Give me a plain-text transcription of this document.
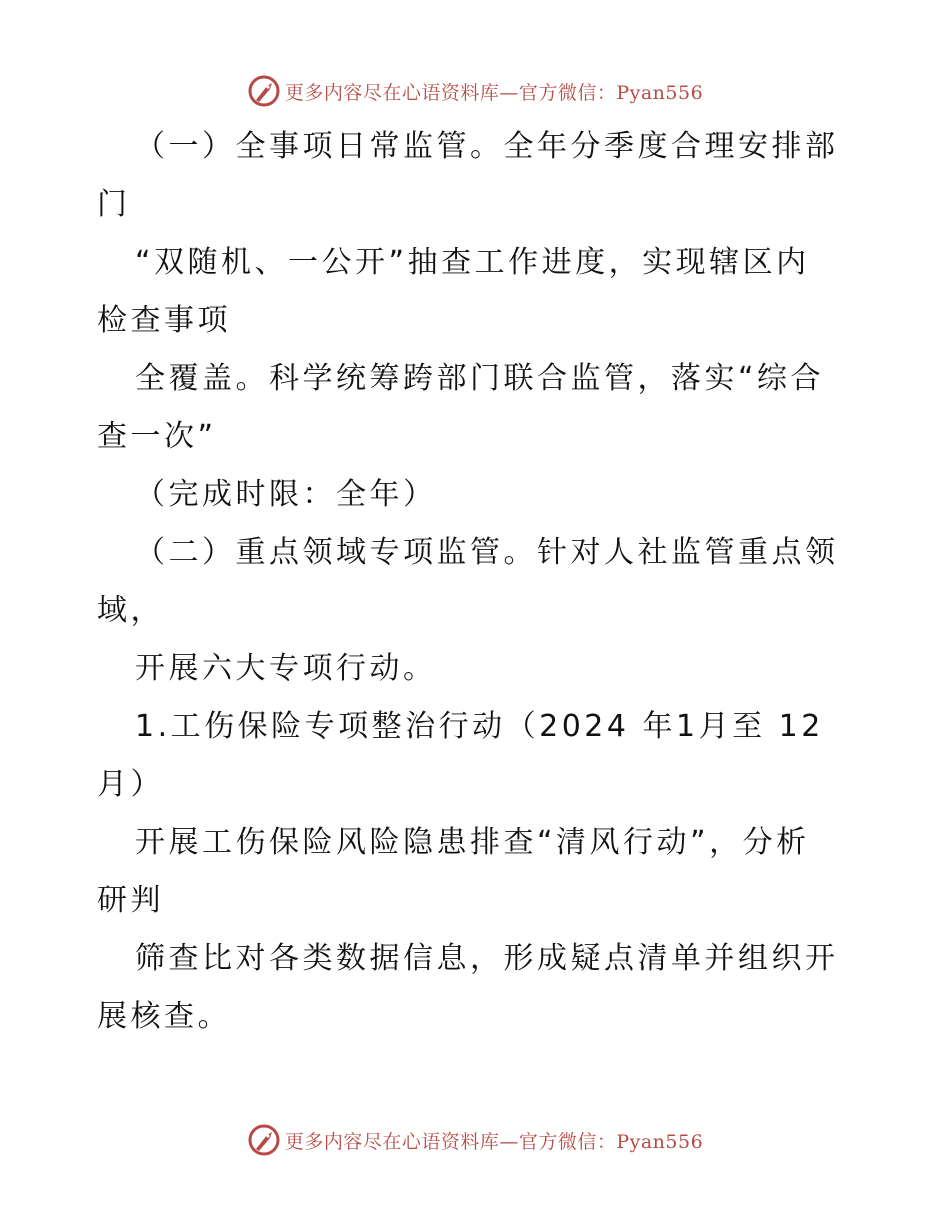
更多内容尽在心语资料库—官方微信：Pyan556
（一）全事项日常监管。全年分季度合理安排部
门
“双随机、一公开”抽查工作进度，实现辖区内
检查事项
全覆盖。科学统筹跨部门联合监管，落实“综合
查一次”
（完成时限：全年）
（二）重点领域专项监管。针对人社监管重点领
域，
开展六大专项行动。
1.工伤保险专项整治行动（2024 年1月至 12
月）
开展工伤保险风险隐患排查“清风行动”，分析
研判
筛查比对各类数据信息，形成疑点清单并组织开
展核查。
更多内容尽在心语资料库—官方微信：Pyan556
